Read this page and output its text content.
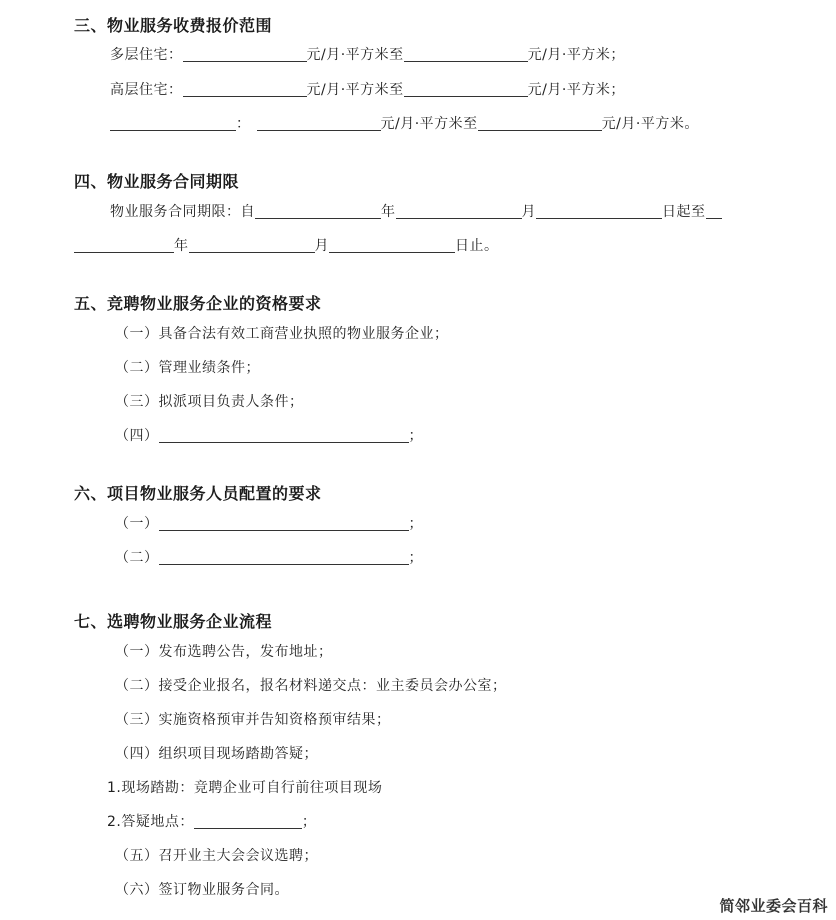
三、物业服务收费报价范围
多层住宅：	元/月·平方米至	元/月·平方米；
高层住宅：	元/月·平方米至	元/月·平方米；
：	元/月·平方米至	元/月·平方米。
四、物业服务合同期限
物业服务合同期限：自	年	月	日起至
年	月	日止。
五、竞聘物业服务企业的资格要求
（一）具备合法有效工商营业执照的物业服务企业；
（二）管理业绩条件；
（三）拟派项目负责人条件；
（四）	；
六、项目物业服务人员配置的要求
（一）	；
（二）	；
七、选聘物业服务企业流程
（一）发布选聘公告，发布地址；
（二）接受企业报名，报名材料递交点：业主委员会办公室；
（三）实施资格预审并告知资格预审结果；
（四）组织项目现场踏勘答疑；
1.现场踏勘：竞聘企业可自行前往项目现场
2.答疑地点：	；
（五）召开业主大会会议选聘；
（六）签订物业服务合同。
简邻业委会百科
